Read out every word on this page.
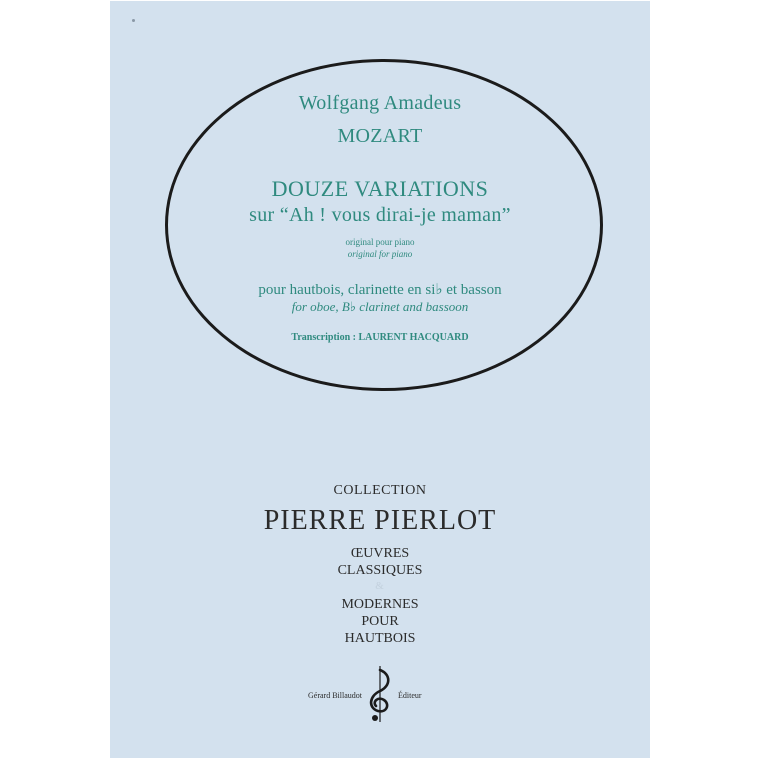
Wolfgang Amadeus

MOZART

DOUZE VARIATIONS

sur “Ah ! vous dirai-je maman”

original pour piano

original for piano

pour hautbois, clarinette en si♭ et basson

for oboe, B♭ clarinet and bassoon

Transcription : LAURENT HACQUARD

COLLECTION

PIERRE PIERLOT

ŒUVRES

CLASSIQUES

&

MODERNES

POUR

HAUTBOIS

Gérard Billaudot	Éditeur
